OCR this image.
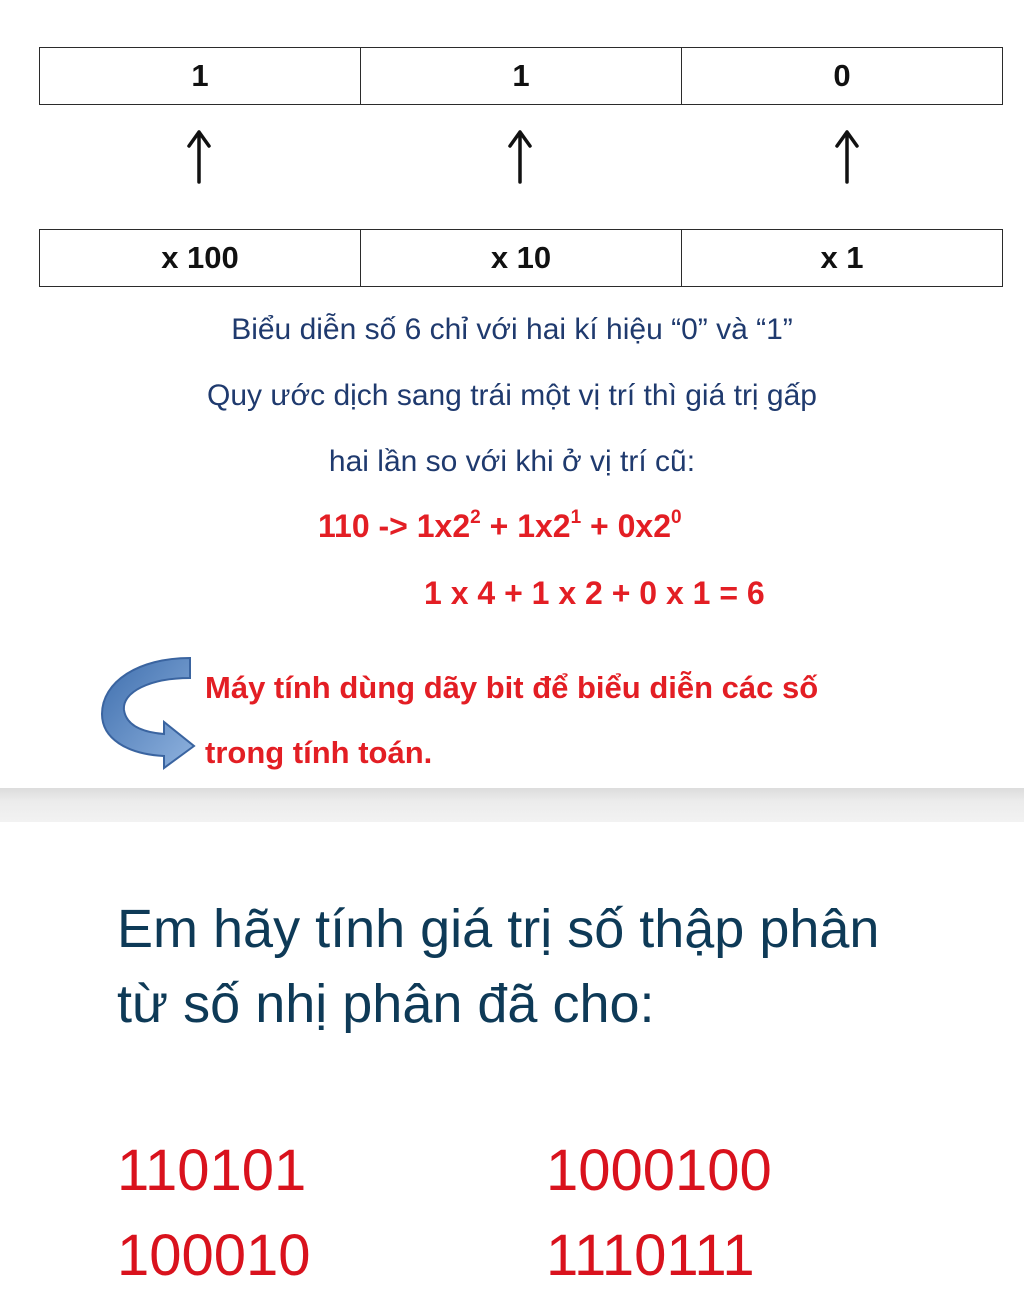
1	1	0
x 100	x 10	x 1
Biểu diễn số 6 chỉ với hai kí hiệu “0” và “1”
Quy ước dịch sang trái một vị trí thì giá trị gấp
hai lần so với khi ở vị trí cũ:
$110 -> 1x2^2 + 1x2^1 + 0x2^0$
1 x 4 + 1 x 2 + 0 x 1 = 6
Máy tính dùng dãy bit để biểu diễn các số
trong tính toán.
Em hãy tính giá trị số thập phân
từ số nhị phân đã cho:
110101	1000100
100010	1110111
